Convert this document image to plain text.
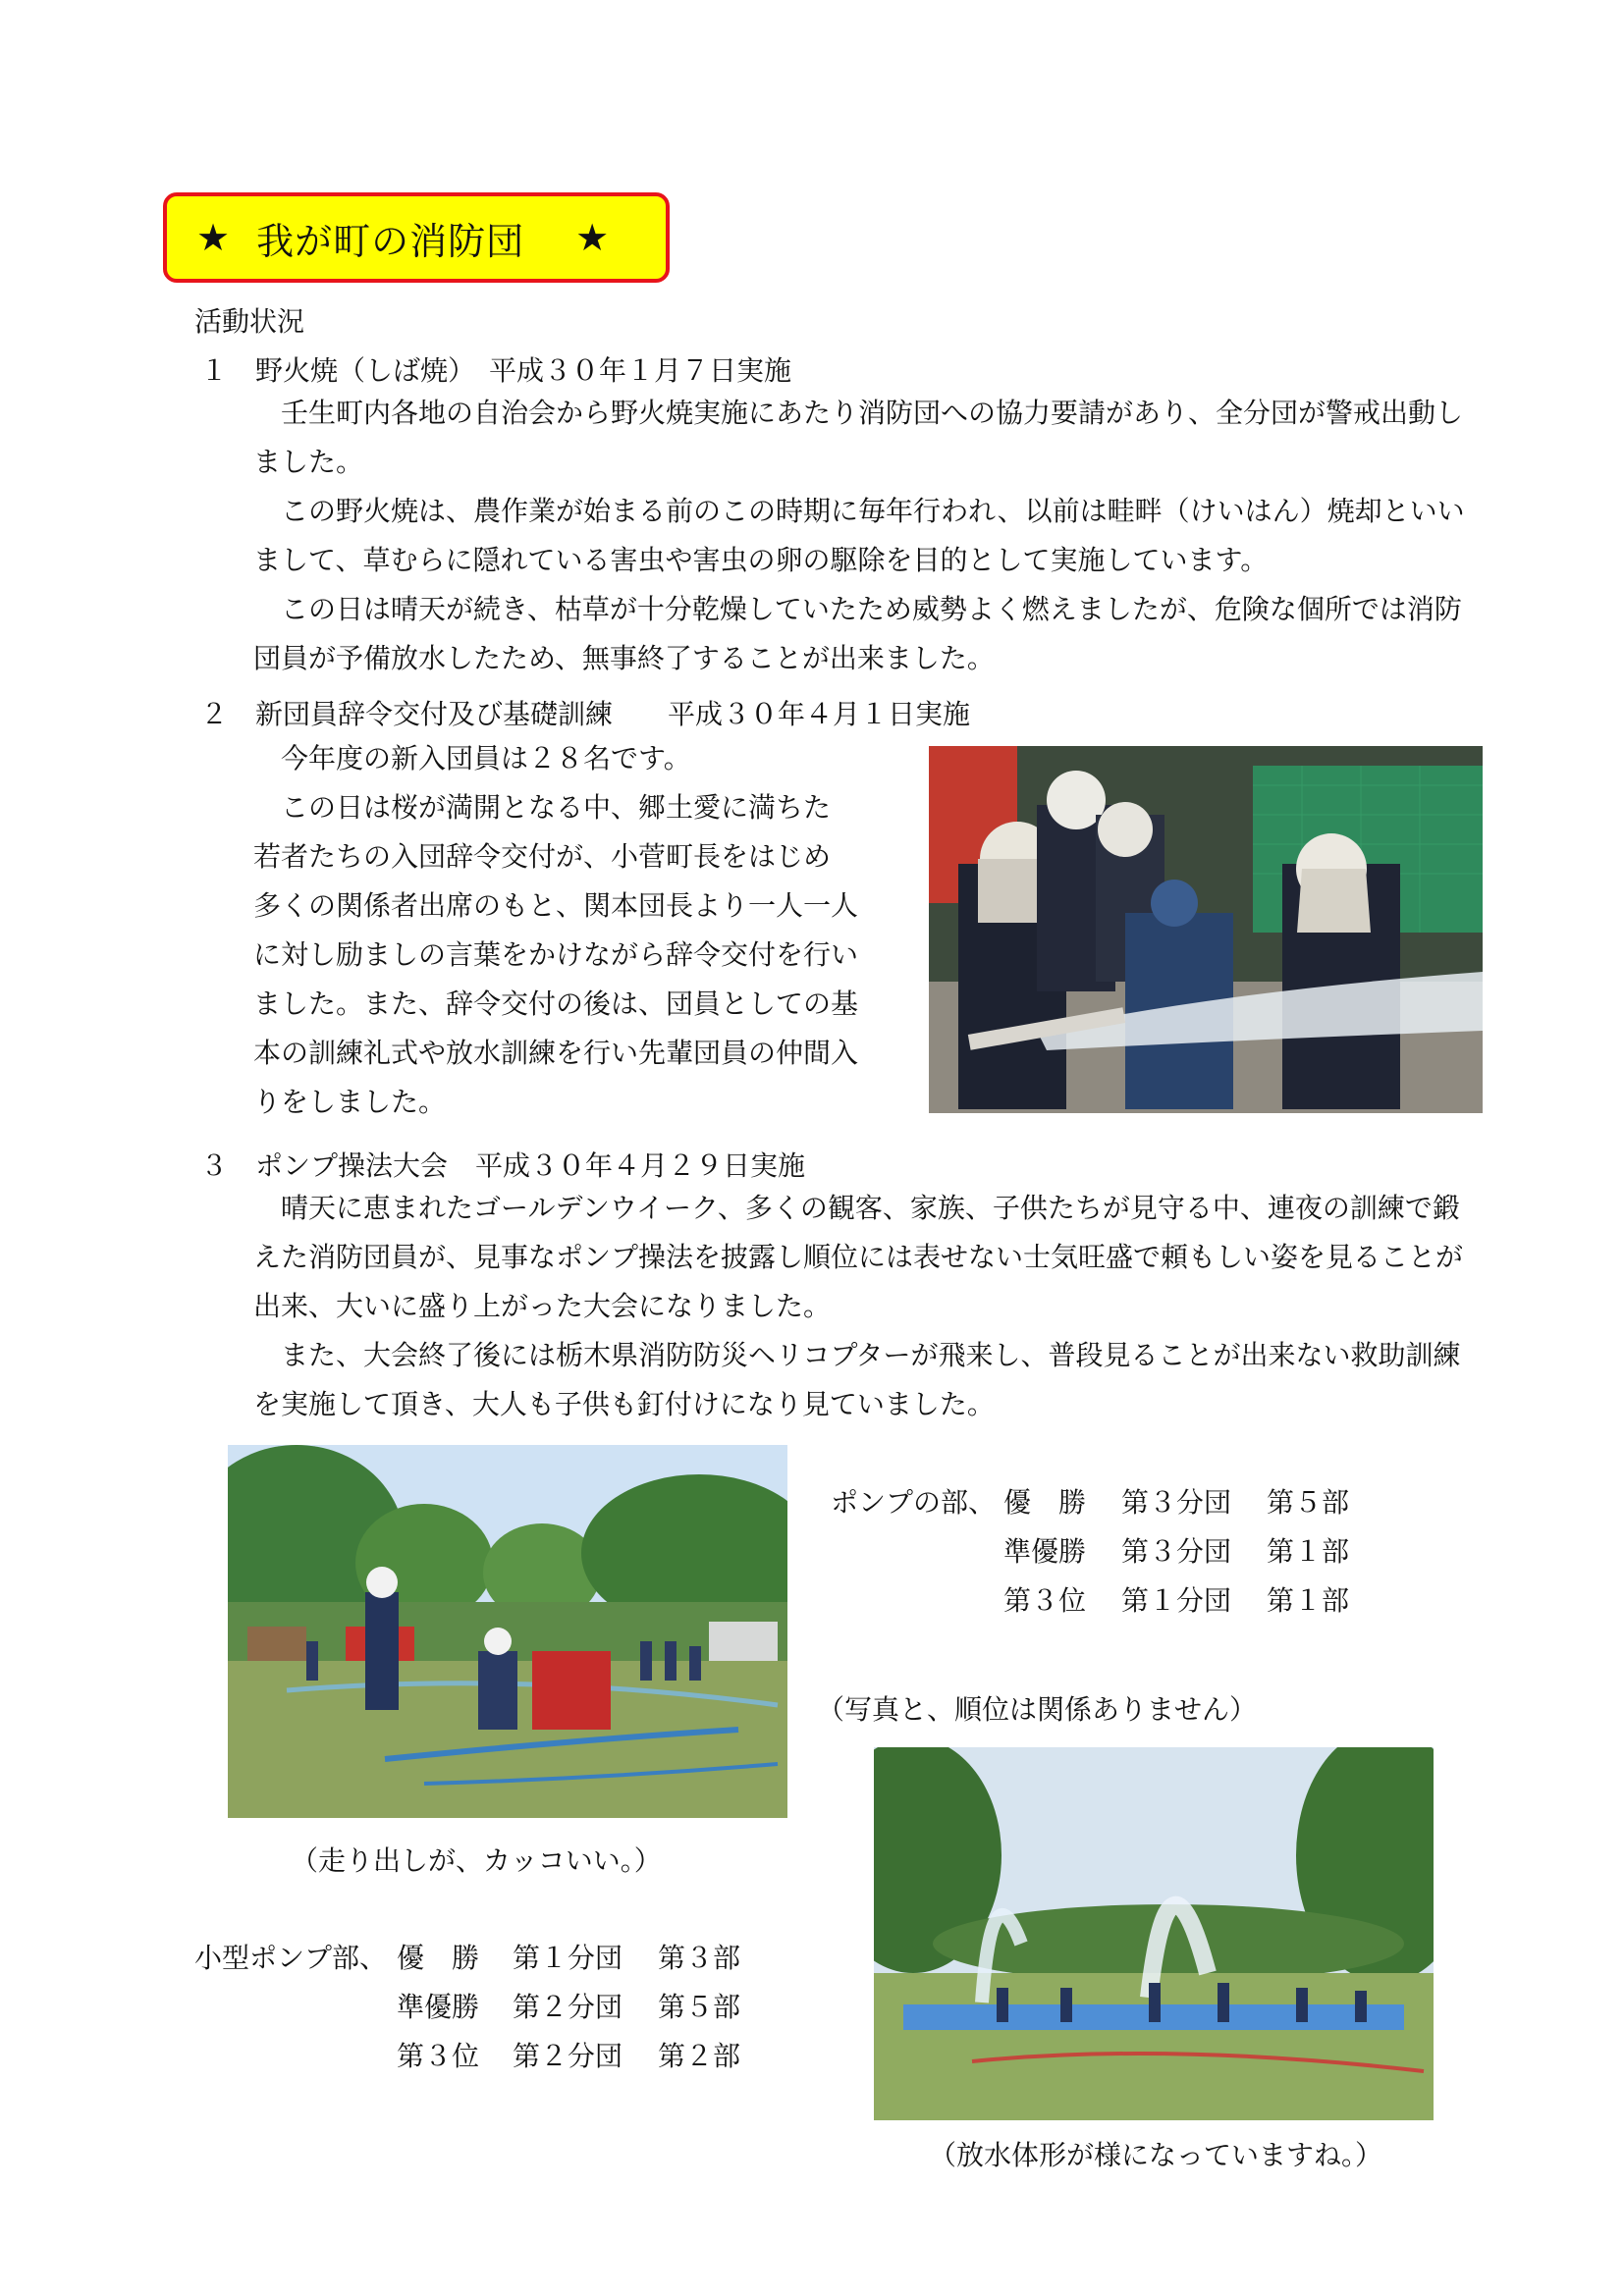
★ 我が町の消防団 ★
活動状況
１ 野火焼（しば焼）　平成３０年１月７日実施
　壬生町内各地の自治会から野火焼実施にあたり消防団への協力要請があり、全分団が警戒出動し
ました。
　この野火焼は、農作業が始まる前のこの時期に毎年行われ、以前は畦畔（けいはん）焼却といい
まして、草むらに隠れている害虫や害虫の卵の駆除を目的として実施しています。
　この日は晴天が続き、枯草が十分乾燥していたため威勢よく燃えましたが、危険な個所では消防
団員が予備放水したため、無事終了することが出来ました。
２ 新団員辞令交付及び基礎訓練　　平成３０年４月１日実施
　今年度の新入団員は２８名です。
　この日は桜が満開となる中、郷土愛に満ちた
若者たちの入団辞令交付が、小菅町長をはじめ
多くの関係者出席のもと、関本団長より一人一人
に対し励ましの言葉をかけながら辞令交付を行い
ました。また、辞令交付の後は、団員としての基
本の訓練礼式や放水訓練を行い先輩団員の仲間入
りをしました。
３ ポンプ操法大会　平成３０年４月２９日実施
　晴天に恵まれたゴールデンウイーク、多くの観客、家族、子供たちが見守る中、連夜の訓練で鍛
えた消防団員が、見事なポンプ操法を披露し順位には表せない士気旺盛で頼もしい姿を見ることが
出来、大いに盛り上がった大会になりました。
　また、大会終了後には栃木県消防防災ヘリコプターが飛来し、普段見ることが出来ない救助訓練
を実施して頂き、大人も子供も釘付けになり見ていました。
ポンプの部、 優　勝 第３分団 第５部
準優勝 第３分団 第１部
第３位 第１分団 第１部
（写真と、順位は関係ありません）
（走り出しが、カッコいい。）
小型ポンプ部、 優　勝 第１分団 第３部
準優勝 第２分団 第５部
第３位 第２分団 第２部
（放水体形が様になっていますね。）
